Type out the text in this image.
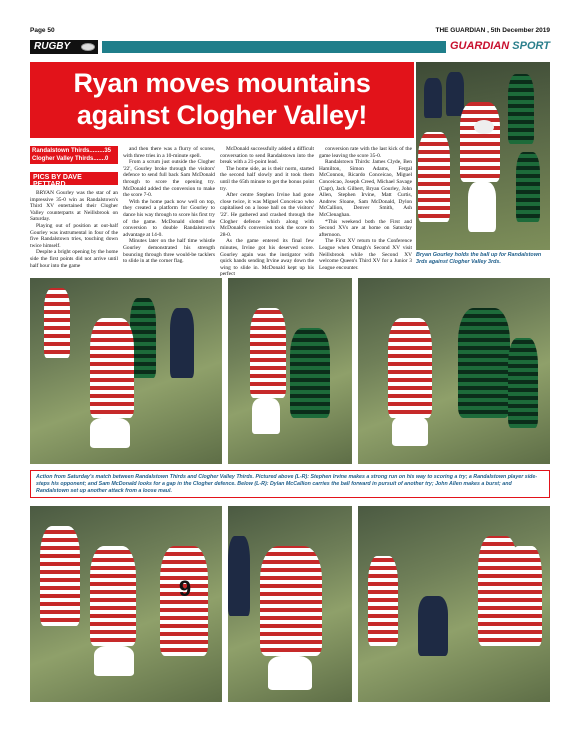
Page 50	THE GUARDIAN , 5th December 2019
RUGBY	GUARDIAN SPORT
Ryan moves mountains against Clogher Valley!
Randalstown Thirds.........35
Clogher Valley Thirds.......0
PICS BY DAVE PETTARD

BRYAN Gourley was the star of an impressive 35-0 win as Randalstown's Third XV entertained their Clogher Valley counterparts at Neillsbrook on Saturday.

Playing out of position at out-half Gourley was instrumental in four of the five Randalstown tries, touching down twice himself.

Despite a bright opening by the home side the first points did not arrive until half hour into the game

and then there was a flurry of scores, with three tries in a 10-minute spell.

From a scrum just outside the Clogher '22', Gourley broke through the visitors' defence to send full back Sam McDonald through to score the opening try. McDonald added the conversion to make the score 7-0.

With the home pack now well on top, they created a platform for Gourley to dance his way through to score his first try of the game. McDonald slotted the conversion to double Randalstown's advantage at 14-0.

Minutes later on the half time whistle Gourley demonstrated his strength bouncing through three would-be tacklers to slide in at the corner flag.

McDonald successfully added a difficult conversation to send Randalstown into the break with a 21-point lead.

The home side, as is their norm, started the second half slowly and it took them until the 65th minute to get the bonus point try.

After centre Stephen Irvine had gone close twice, it was Miguel Conceicao who capitalised on a loose ball on the visitors' '22'. He gathered and crashed through the Clogher defence which along with McDonald's conversion took the score to 28-0.

As the game entered its final few minutes, Irvine got his deserved score. Gourley again was the instigator with quick hands sending Irvine away down the wing to slide in. McDonald kept up his perfect

conversion rate with the last kick of the game leaving the score 35-0.

Randalstown Thirds: James Clyde, Ben Hamilton, Simon Adams, Fergal McConnon, Ricardo Conceicao, Miguel Conceicao, Joseph Creed, Michael Savage (Capt), Jack Gilbert, Bryan Gourley, John Allen, Stephen Irvine, Matt Curtis, Andrew Sloane, Sam McDonald, Dylon McCallion, Denver Smith, Ash McClenaghan.

*This weekend both the First and Second XVs are at home on Saturday afternoon.

The First XV return to the Conference League when Omagh's Second XV visit Neillsbrook while the Second XV welcome Queen's Third XV for a Junior 3 League encounter.

Bryan Gourley holds the ball up for Randalstown 3rds against Clogher Valley 3rds.
Action from Saturday's match between Randalstown Thirds and Clogher Valley Thirds. Pictured above (L-R): Stephen Irvine makes a strong run on his way to scoring a try; a Randalstown player side-steps his opponent; and Sam McDonald looks for a gap in the Clogher defence. Below (L-R): Dylan McCallion carries the ball forward in pursuit of another try; John Allen makes a burst; and Randalstown set up another attack from a loose maul.
9
